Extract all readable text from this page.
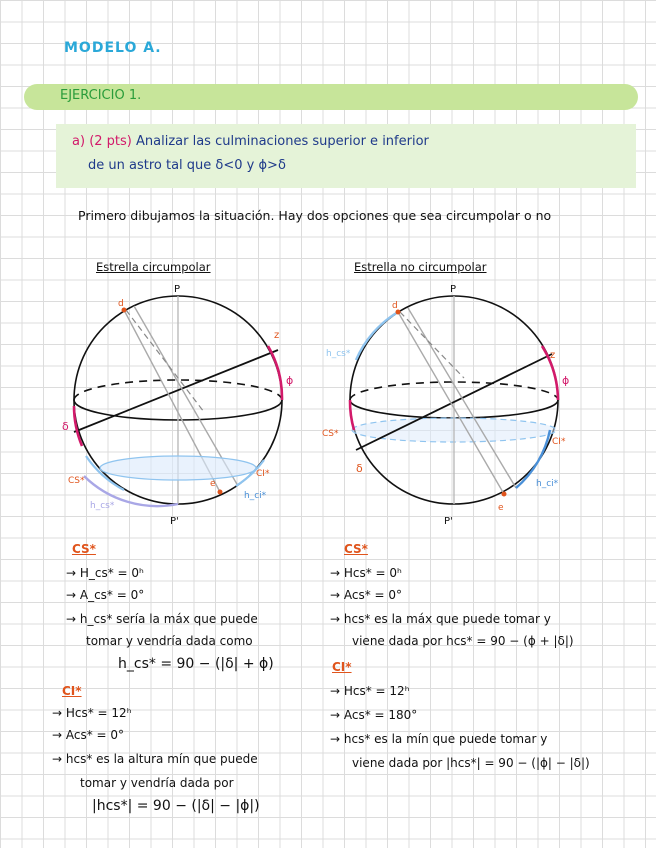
MODELO A.
EJERCICIO 1.
a) (2 pts) Analizar las culminaciones superior e inferior
de un astro tal que δ<0 y ϕ>δ
Primero dibujamos la situación. Hay dos opciones que sea circumpolar o no
Estrella circumpolar	Estrella no circumpolar
P
P'
z
ϕ
δ
CS*
CI*
h_cs*
h_ci*
d
e
P
P'
z
ϕ
δ
CS*
CI*
h_cs*
h_ci*
d
e
CS*
→ H_cs* = 0ʰ
→ A_cs* = 0°
→ h_cs* sería la máx que puede
tomar y vendría dada como
h_cs* = 90 − (|δ| + ϕ)
CI*
→ Hcs* = 12ʰ
→ Acs* = 0°
→ hcs* es la altura mín que puede
tomar y vendría dada por
|hcs*| = 90 − (|δ| − |ϕ|)
CS*
→ Hcs* = 0ʰ
→ Acs* = 0°
→ hcs* es la máx que puede tomar y
viene dada por hcs* = 90 − (ϕ + |δ|)
CI*
→ Hcs* = 12ʰ
→ Acs* = 180°
→ hcs* es la mín que puede tomar y
viene dada por |hcs*| = 90 − (|ϕ| − |δ|)
